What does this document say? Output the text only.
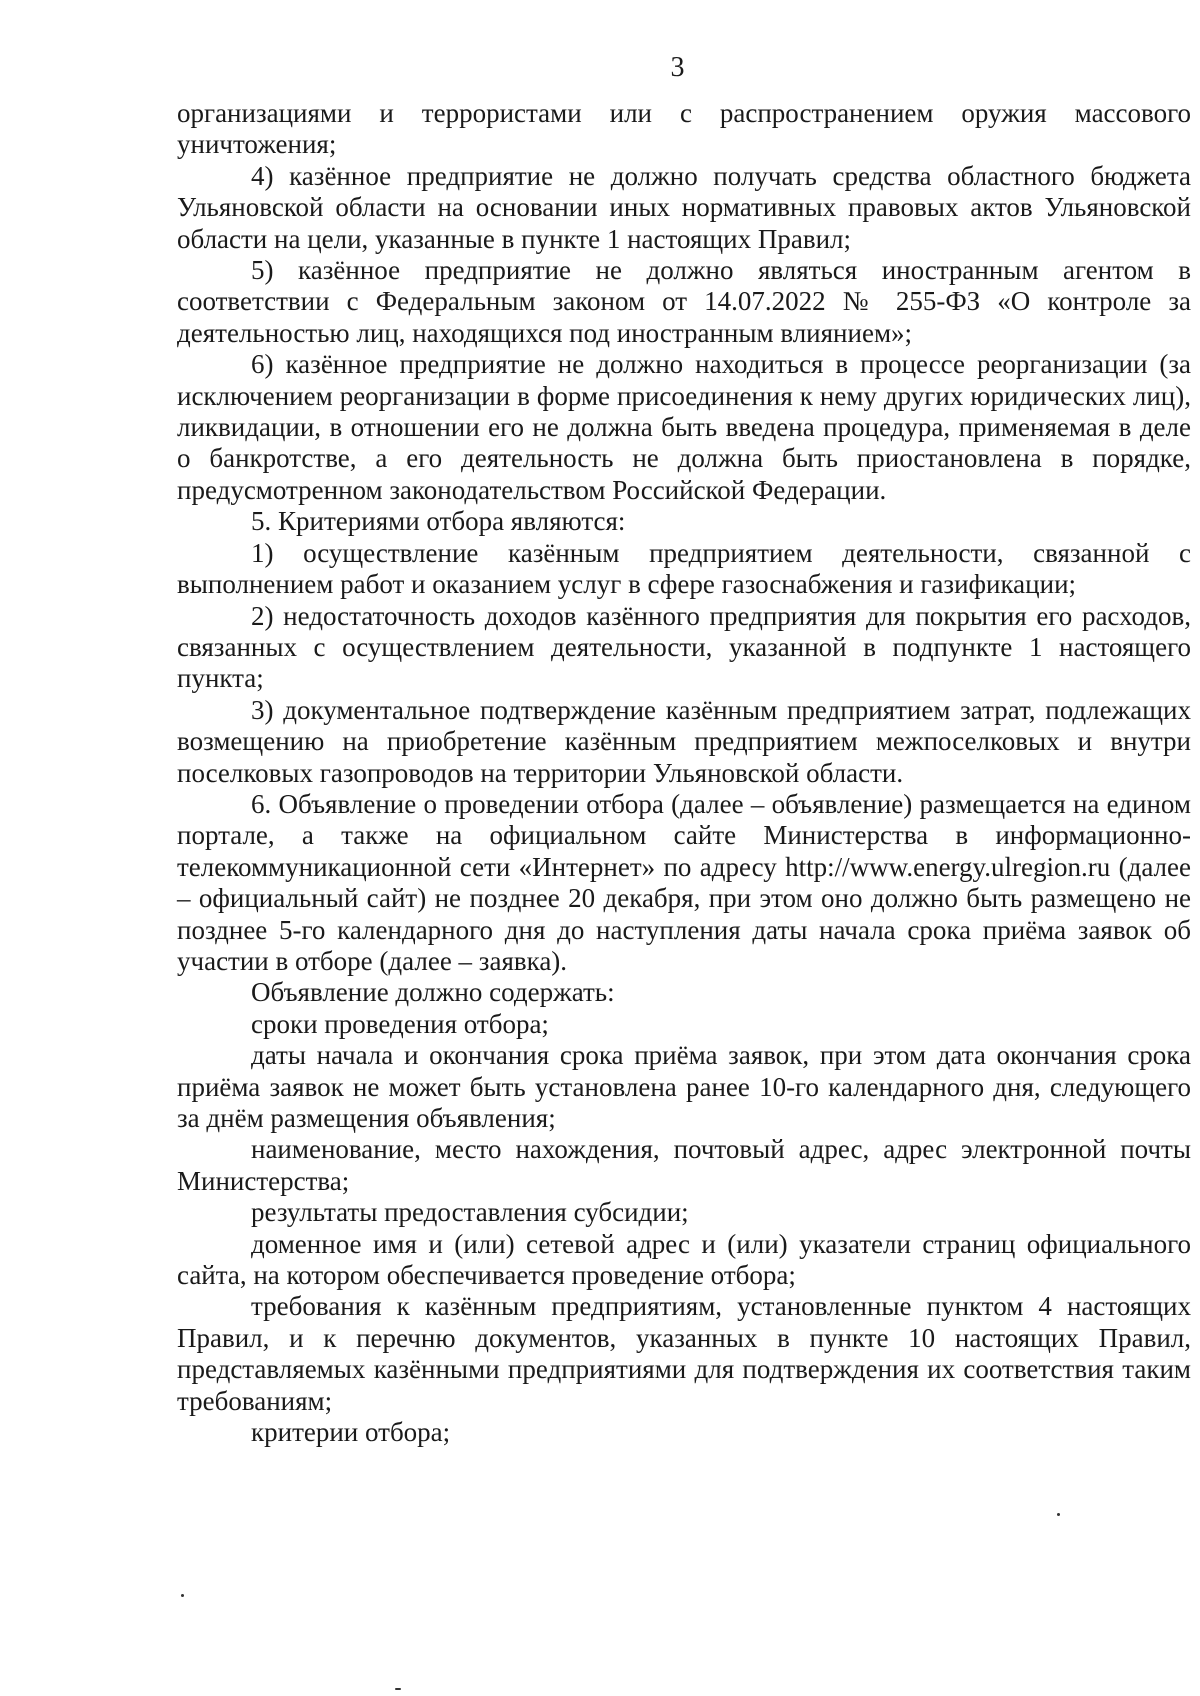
3

организациями и террористами или с распространением оружия массового уничтожения;

4) казённое предприятие не должно получать средства областного бюджета Ульяновской области на основании иных нормативных правовых актов Ульяновской области на цели, указанные в пункте 1 настоящих Правил;

5) казённое предприятие не должно являться иностранным агентом в соответствии с Федеральным законом от 14.07.2022 № 255-ФЗ «О контроле за деятельностью лиц, находящихся под иностранным влиянием»;

6) казённое предприятие не должно находиться в процессе реорганизации (за исключением реорганизации в форме присоединения к нему других юридических лиц), ликвидации, в отношении его не должна быть введена процедура, применяемая в деле о банкротстве, а его деятельность не должна быть приостановлена в порядке, предусмотренном законодательством Российской Федерации.

5. Критериями отбора являются:

1) осуществление казённым предприятием деятельности, связанной с выполнением работ и оказанием услуг в сфере газоснабжения и газификации;

2) недостаточность доходов казённого предприятия для покрытия его расходов, связанных с осуществлением деятельности, указанной в подпункте 1 настоящего пункта;

3) документальное подтверждение казённым предприятием затрат, подлежащих возмещению на приобретение казённым предприятием межпоселковых и внутри поселковых газопроводов на территории Ульяновской области.

6. Объявление о проведении отбора (далее – объявление) размещается на едином портале, а также на официальном сайте Министерства в информационно-телекоммуникационной сети «Интернет» по адресу http://www.energy.ulregion.ru (далее – официальный сайт) не позднее 20 декабря, при этом оно должно быть размещено не позднее 5-го календарного дня до наступления даты начала срока приёма заявок об участии в отборе (далее – заявка).

Объявление должно содержать:

сроки проведения отбора;

даты начала и окончания срока приёма заявок, при этом дата окончания срока приёма заявок не может быть установлена ранее 10-го календарного дня, следующего за днём размещения объявления;

наименование, место нахождения, почтовый адрес, адрес электронной почты Министерства;

результаты предоставления субсидии;

доменное имя и (или) сетевой адрес и (или) указатели страниц официального сайта, на котором обеспечивается проведение отбора;

требования к казённым предприятиям, установленные пунктом 4 настоящих Правил, и к перечню документов, указанных в пункте 10 настоящих Правил, представляемых казёнными предприятиями для подтверждения их соответствия таким требованиям;

критерии отбора;
